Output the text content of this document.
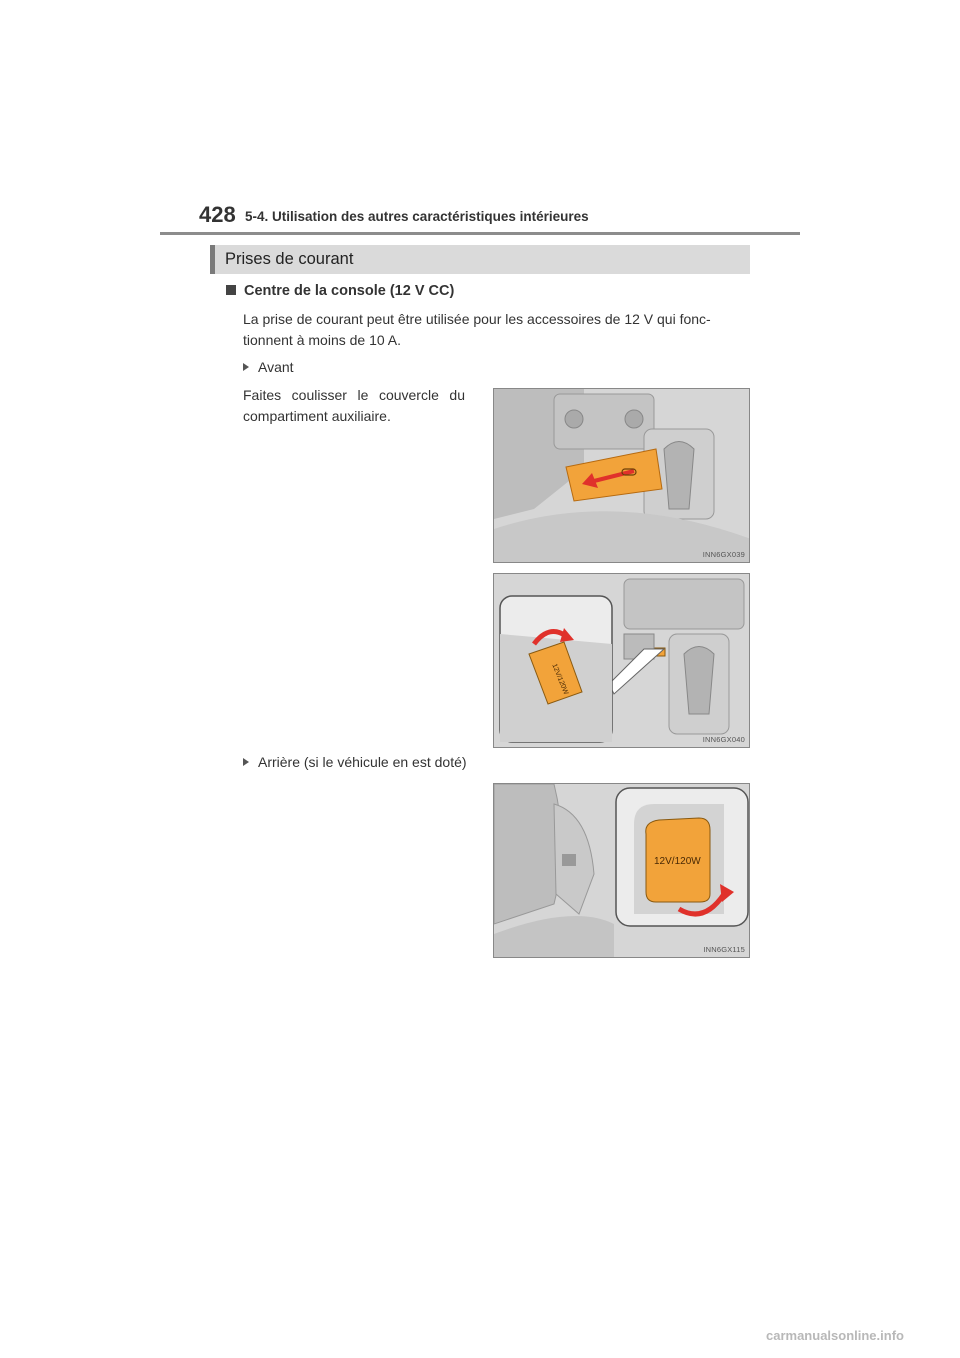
428 5-4. Utilisation des autres caractéristiques intérieures
Prises de courant
Centre de la console (12 V CC)
La prise de courant peut être utilisée pour les accessoires de 12 V qui fonc-tionnent à moins de 10 A.
Avant
Faites coulisser le couvercle du compartiment auxiliaire.
INN6GX039
12V/120W
INN6GX040
Arrière (si le véhicule en est doté)
12V/120W
INN6GX115
carmanualsonline.info
